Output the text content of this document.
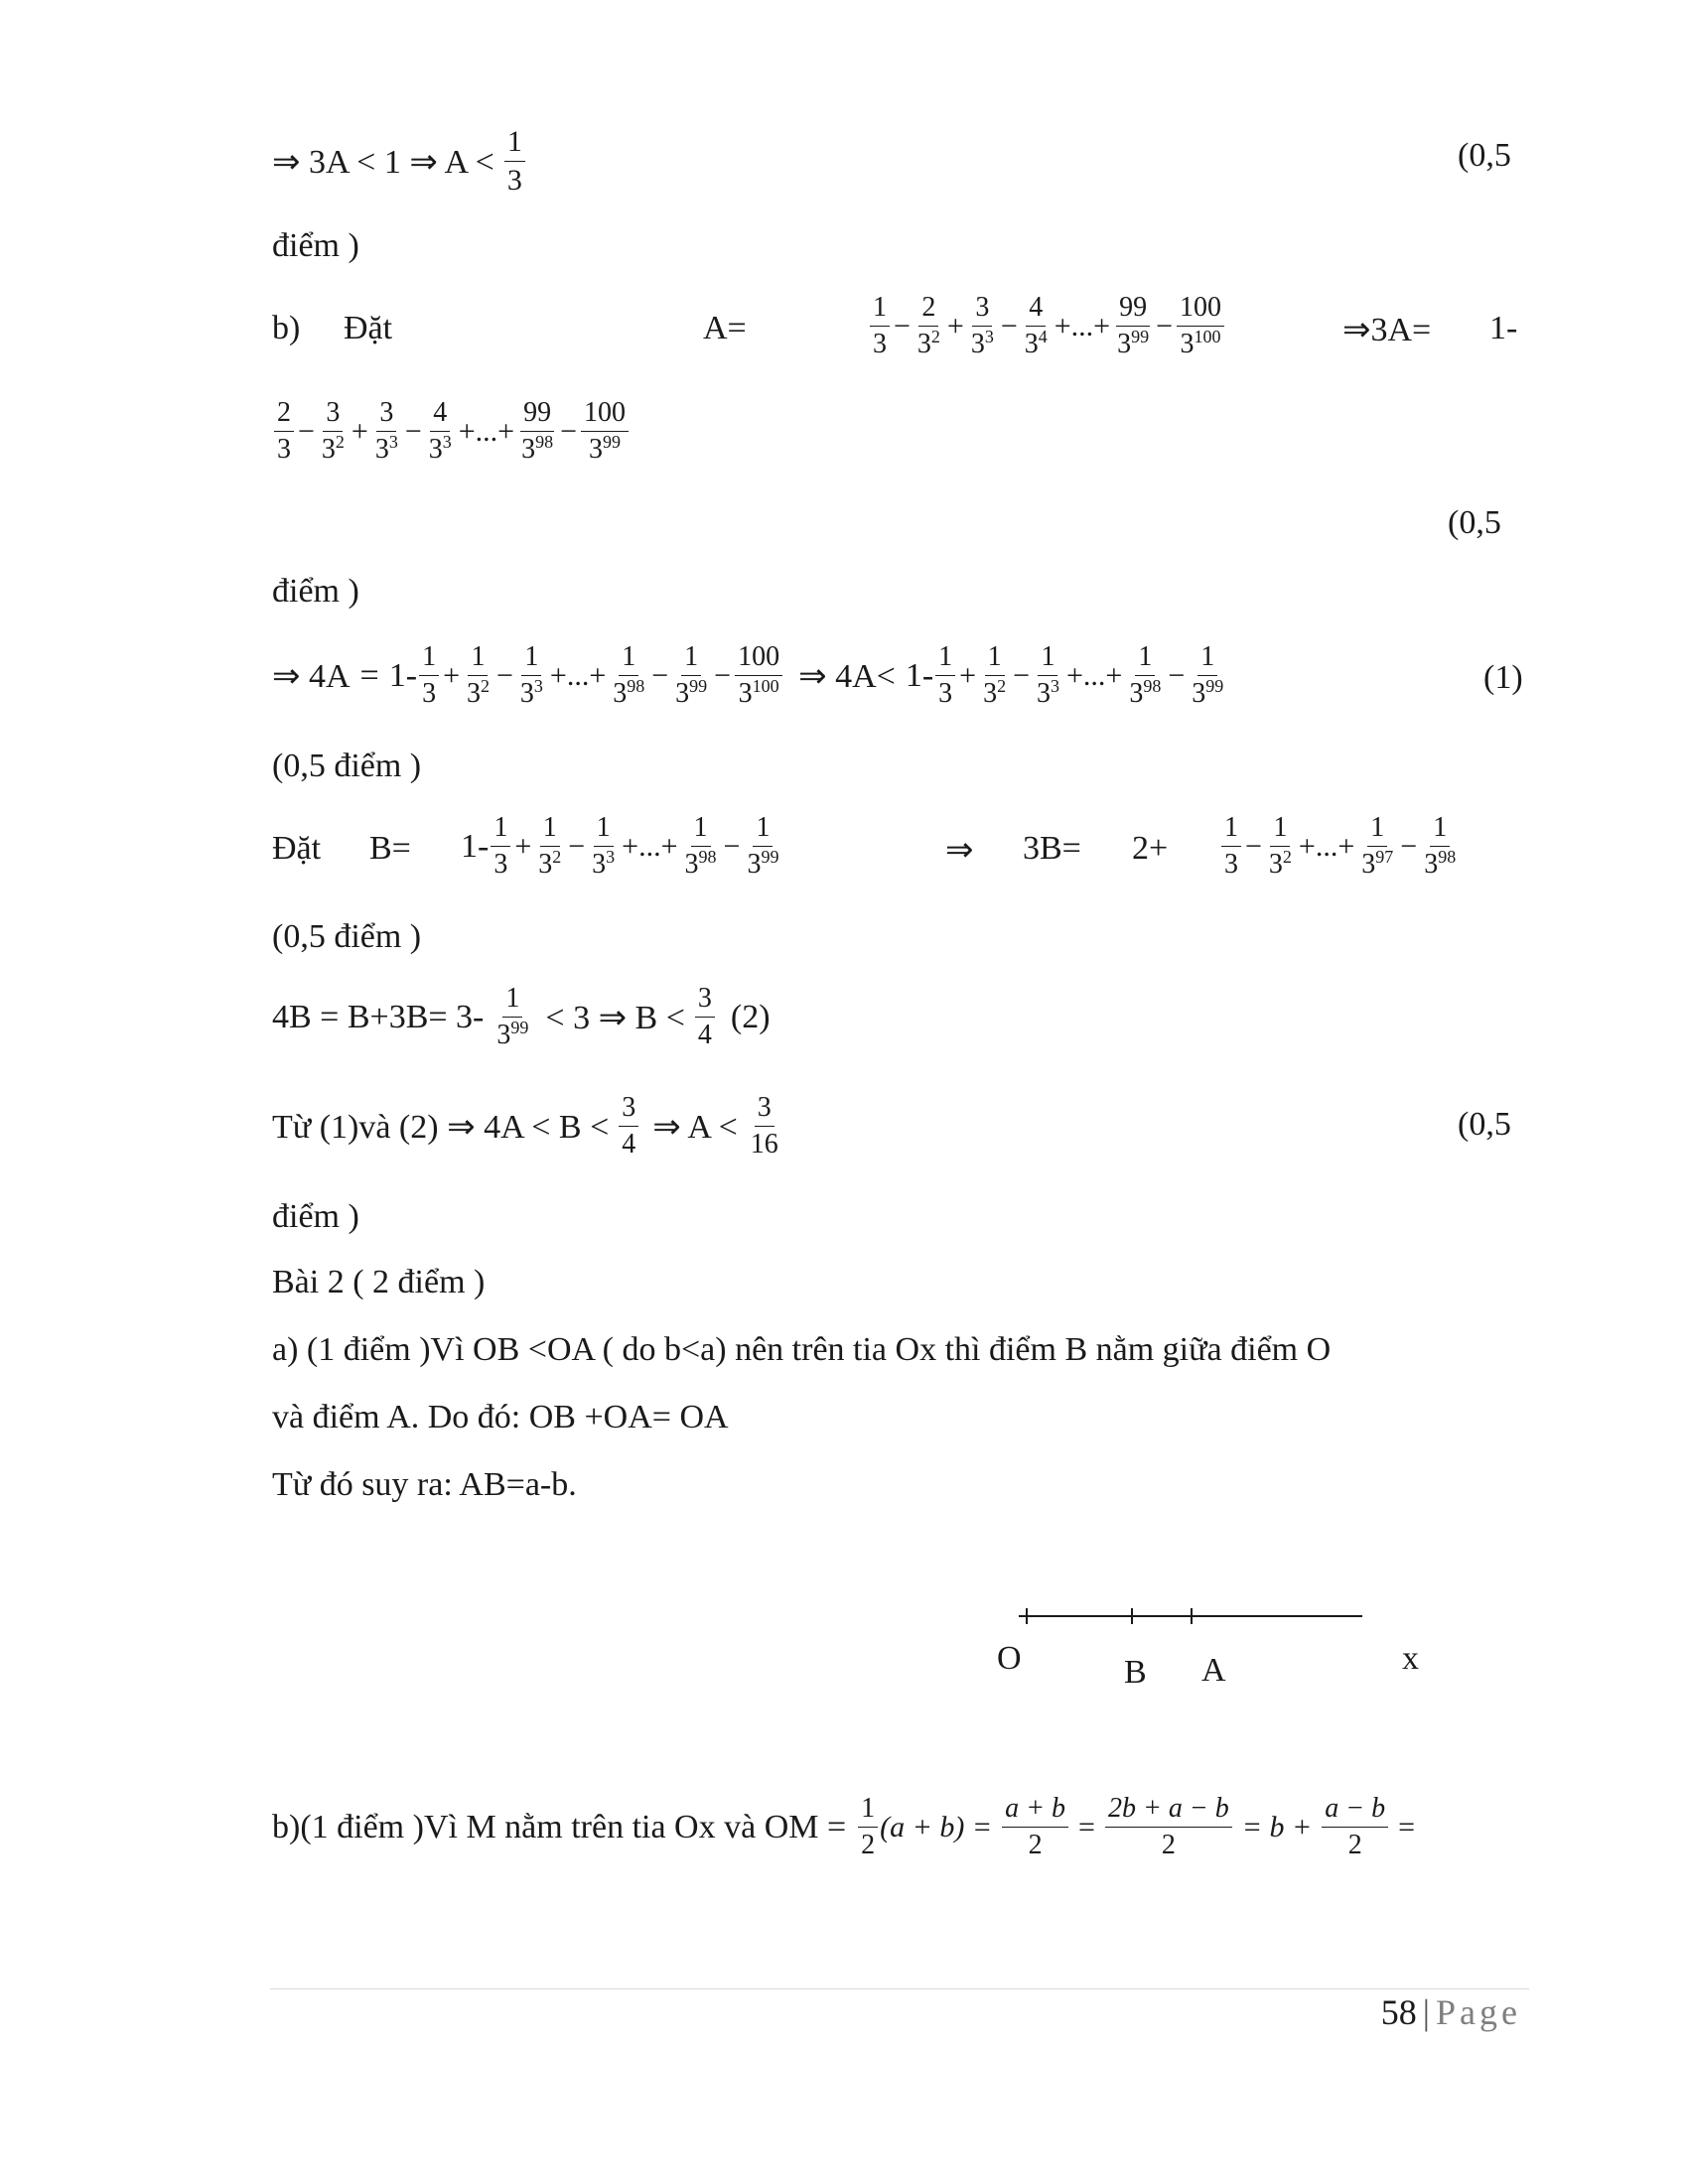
⇒ 3A < 1 ⇒ A <
1
3
(0,5
điểm )
b) Đặt	A=
1
3
− $\frac{2}{3^2} + \frac{3}{3^3} - \frac{4}{3^4}$ +...+ $\frac{99}{3^{99}} - \frac{100}{3^{100}}$	⇒3A= 1-
2
3
− $\frac{3}{3^2} + \frac{3}{3^3} - \frac{4}{3^3}$ +...+ $\frac{99}{3^{98}} - \frac{100}{3^{99}}$
(0,5
điểm )
⇒ 4A = 1- 1
3
+ $\frac{1}{3^2} - \frac{1}{3^3}$ +...+ $\frac{1}{3^{98}} - \frac{1}{3^{99}} - \frac{100}{3^{100}}$ ⇒ 4A< 1- 1
3
+ $\frac{1}{3^2} - \frac{1}{3^3}$ +...+ $\frac{1}{3^{98}} - \frac{1}{3^{99}}$	(1)
(0,5 điểm )
Đặt B= 1- 1
3
+ $\frac{1}{3^2} - \frac{1}{3^3}$ +...+ $\frac{1}{3^{98}} - \frac{1}{3^{99}}$	⇒ 3B= 2+
1
3
− $\frac{1}{3^2}$ +...+ $\frac{1}{3^{97}} - \frac{1}{3^{98}}$
(0,5 điểm )
4B = B+3B= 3- 1
$3^{99} < 3$ ⇒ B <
3
4 (2)
Từ (1)và (2) ⇒ 4A < B <
3
4 ⇒ A <
3
16
(0,5
điểm )
Bài 2 ( 2 điểm )
a) (1 điểm )Vì OB <OA ( do b<a) nên trên tia Ox thì điểm B nằm giữa điểm O
và điểm A. Do đó: OB +OA= OA
Từ đó suy ra: AB=a-b.
O	B A	x
b)(1 điểm )Vì M nằm trên tia Ox và OM = $\frac{1}{2} (a + b) = \frac{a + b}{2} = \frac{2b + a - b}{2} = b + \frac{a - b}{2}$ =
58 | Page
